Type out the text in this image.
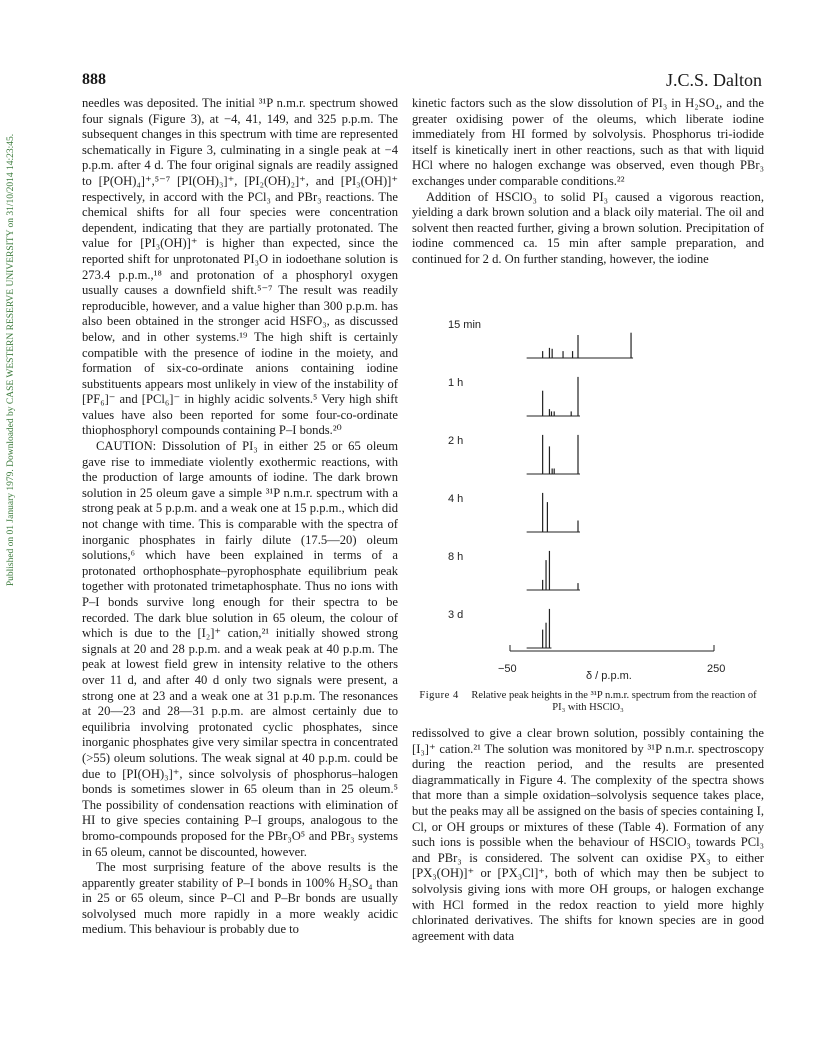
Published on 01 January 1979. Downloaded by CASE WESTERN RESERVE UNIVERSITY on 31/10/2014 14:23:45.
888	J.C.S. Dalton

needles was deposited. The initial ³¹P n.m.r. spectrum showed four signals (Figure 3), at −4, 41, 149, and 325 p.p.m. The subsequent changes in this spectrum with time are represented schematically in Figure 3, culminating in a single peak at −4 p.p.m. after 4 d. The four original signals are readily assigned to [P(OH)₄]⁺,⁵⁻⁷ [PI(OH)₃]⁺, [PI₂(OH)₂]⁺, and [PI₃(OH)]⁺ respectively, in accord with the PCl₃ and PBr₃ reactions. The chemical shifts for all four species were concentration dependent, indicating that they are partially protonated. The value for [PI₃(OH)]⁺ is higher than expected, since the reported shift for unprotonated PI₃O in iodoethane solution is 273.4 p.p.m.,¹⁸ and protonation of a phosphoryl oxygen usually causes a downfield shift.⁵⁻⁷ The result was readily reproducible, however, and a value higher than 300 p.p.m. has also been obtained in the stronger acid HSFO₃, as discussed below, and in other systems.¹⁹ The high shift is certainly compatible with the presence of iodine in the moiety, and formation of six-co-ordinate anions containing iodine substituents appears most unlikely in view of the instability of [PF₆]⁻ and [PCl₆]⁻ in highly acidic solvents.⁵ Very high shift values have also been reported for some four-co-ordinate thiophosphoryl compounds containing P–I bonds.²⁰

CAUTION: Dissolution of PI₃ in either 25 or 65 oleum gave rise to immediate violently exothermic reactions, with the production of large amounts of iodine. The dark brown solution in 25 oleum gave a simple ³¹P n.m.r. spectrum with a strong peak at 5 p.p.m. and a weak one at 15 p.p.m., which did not change with time. This is comparable with the spectra of inorganic phosphates in fairly dilute (17.5—20) oleum solutions,⁶ which have been explained in terms of a protonated orthophosphate–pyrophosphate equilibrium peak together with protonated trimetaphosphate. Thus no ions with P–I bonds survive long enough for their spectra to be recorded. The dark blue solution in 65 oleum, the colour of which is due to the [I₂]⁺ cation,²¹ initially showed strong signals at 20 and 28 p.p.m. and a weak peak at 40 p.p.m. The peak at lowest field grew in intensity relative to the others over 11 d, and after 40 d only two signals were present, a strong one at 23 and a weak one at 31 p.p.m. The resonances at 20—23 and 28—31 p.p.m. are almost certainly due to equilibria involving protonated cyclic phosphates, since inorganic phosphates give very similar spectra in concentrated (>55) oleum solutions. The weak signal at 40 p.p.m. could be due to [PI(OH)₃]⁺, since solvolysis of phosphorus–halogen bonds is sometimes slower in 65 oleum than in 25 oleum.⁵ The possibility of condensation reactions with elimination of HI to give species containing P–I groups, analogous to the bromo-compounds proposed for the PBr₃O⁵ and PBr₃ systems in 65 oleum, cannot be discounted, however.

The most surprising feature of the above results is the apparently greater stability of P–I bonds in 100% H₂SO₄ than in 25 or 65 oleum, since P–Cl and P–Br bonds are usually solvolysed much more rapidly in a more weakly acidic medium. This behaviour is probably due to

kinetic factors such as the slow dissolution of PI₃ in H₂SO₄, and the greater oxidising power of the oleums, which liberate iodine immediately from HI formed by solvolysis. Phosphorus tri-iodide itself is kinetically inert in other reactions, such as that with liquid HCl where no halogen exchange was observed, even though PBr₃ exchanges under comparable conditions.²²

Addition of HSClO₃ to solid PI₃ caused a vigorous reaction, yielding a dark brown solution and a black oily material. The oil and solvent then reacted further, giving a brown solution. Precipitation of iodine commenced ca. 15 min after sample preparation, and continued for 2 d. On further standing, however, the iodine

15 min
1 h
2 h
4 h
8 h
3 d
−50	250
δ / p.p.m.
Figure 4 Relative peak heights in the ³¹P n.m.r. spectrum from the reaction of PI₃ with HSClO₃

redissolved to give a clear brown solution, possibly containing the [I₃]⁺ cation.²¹ The solution was monitored by ³¹P n.m.r. spectroscopy during the reaction period, and the results are presented diagrammatically in Figure 4. The complexity of the spectra shows that more than a simple oxidation–solvolysis sequence takes place, but the peaks may all be assigned on the basis of species containing I, Cl, or OH groups or mixtures of these (Table 4). Formation of any such ions is possible when the behaviour of HSClO₃ towards PCl₃ and PBr₃ is considered. The solvent can oxidise PX₃ to either [PX₃(OH)]⁺ or [PX₃Cl]⁺, both of which may then be subject to solvolysis giving ions with more OH groups, or halogen exchange with HCl formed in the redox reaction to yield more highly chlorinated derivatives. The shifts for known species are in good agreement with data
